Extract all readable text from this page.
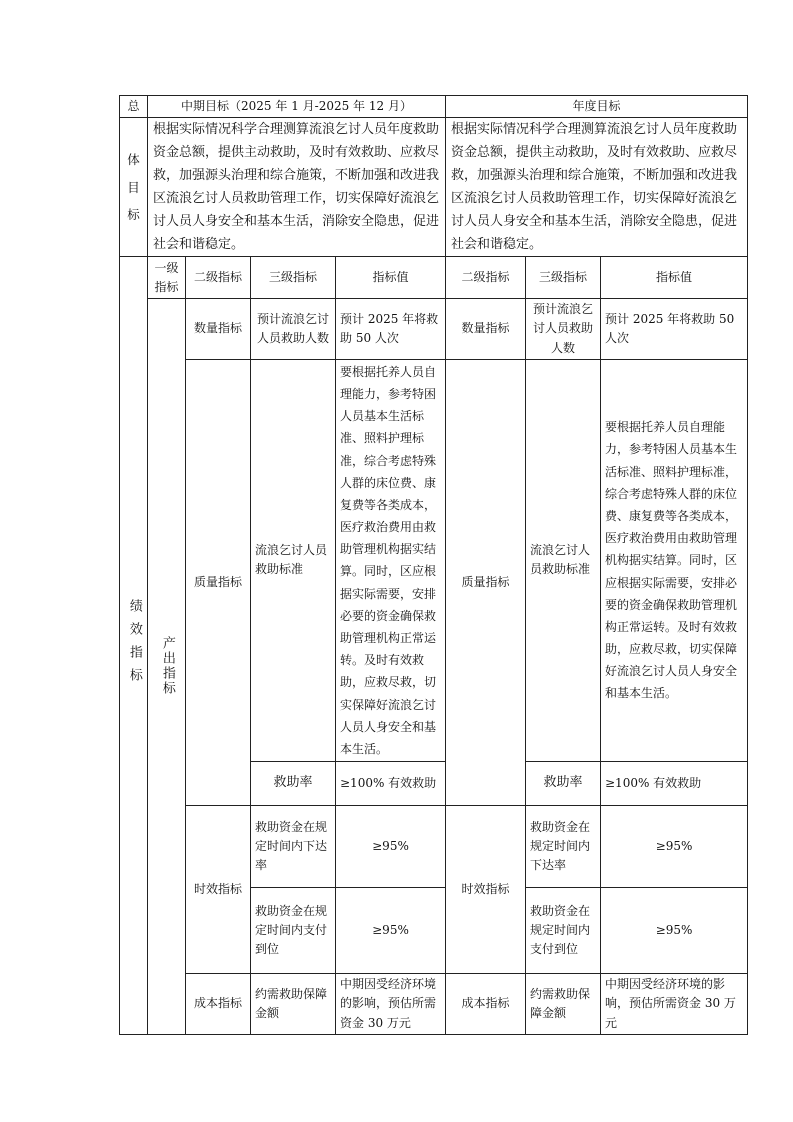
总	中期目标（2025 年 1 月-2025 年 12 月）				年度目标		

体
目
标	根据实际情况科学合理测算流浪乞讨人员年度救助资金总额，提供主动救助，及时有效救助、应救尽救，加强源头治理和综合施策，不断加强和改进我区流浪乞讨人员救助管理工作，切实保障好流浪乞讨人员人身安全和基本生活，消除安全隐患，促进社会和谐稳定。				根据实际情况科学合理测算流浪乞讨人员年度救助资金总额，提供主动救助，及时有效救助、应救尽救，加强源头治理和综合施策，不断加强和改进我区流浪乞讨人员救助管理工作，切实保障好流浪乞讨人员人身安全和基本生活，消除安全隐患，促进社会和谐稳定。		
绩效指标	一级指标	二级指标	三级指标	指标值	二级指标	三级指标	指标值
	产出指标	数量指标	预计流浪乞讨人员救助人数	预计 2025 年将救助 50 人次	数量指标	预计流浪乞讨人员救助人数	预计 2025 年将救助 50 人次
		质量指标	流浪乞讨人员救助标准	要根据托养人员自理能力，参考特困人员基本生活标准、照料护理标准，综合考虑特殊人群的床位费、康复费等各类成本，医疗救治费用由救助管理机构据实结算。同时，区应根据实际需要，安排必要的资金确保救助管理机构正常运转。及时有效救助，应救尽救，切实保障好流浪乞讨人员人身安全和基本生活。	质量指标	流浪乞讨人员救助标准	要根据托养人员自理能力，参考特困人员基本生活标准、照料护理标准，综合考虑特殊人群的床位费、康复费等各类成本，医疗救治费用由救助管理机构据实结算。同时，区应根据实际需要，安排必要的资金确保救助管理机构正常运转。及时有效救助，应救尽救，切实保障好流浪乞讨人员人身安全和基本生活。
			救助率	≥100% 有效救助		救助率	≥100% 有效救助
		时效指标	救助资金在规定时间内下达率	≥95%	时效指标	救助资金在规定时间内下达率	≥95%
			救助资金在规定时间内支付到位	≥95%		救助资金在规定时间内支付到位	≥95%
		成本指标	约需救助保障金额	中期因受经济环境的影响，预估所需资金 30 万元	成本指标	约需救助保障金额	中期因受经济环境的影响，预估所需资金 30 万元
